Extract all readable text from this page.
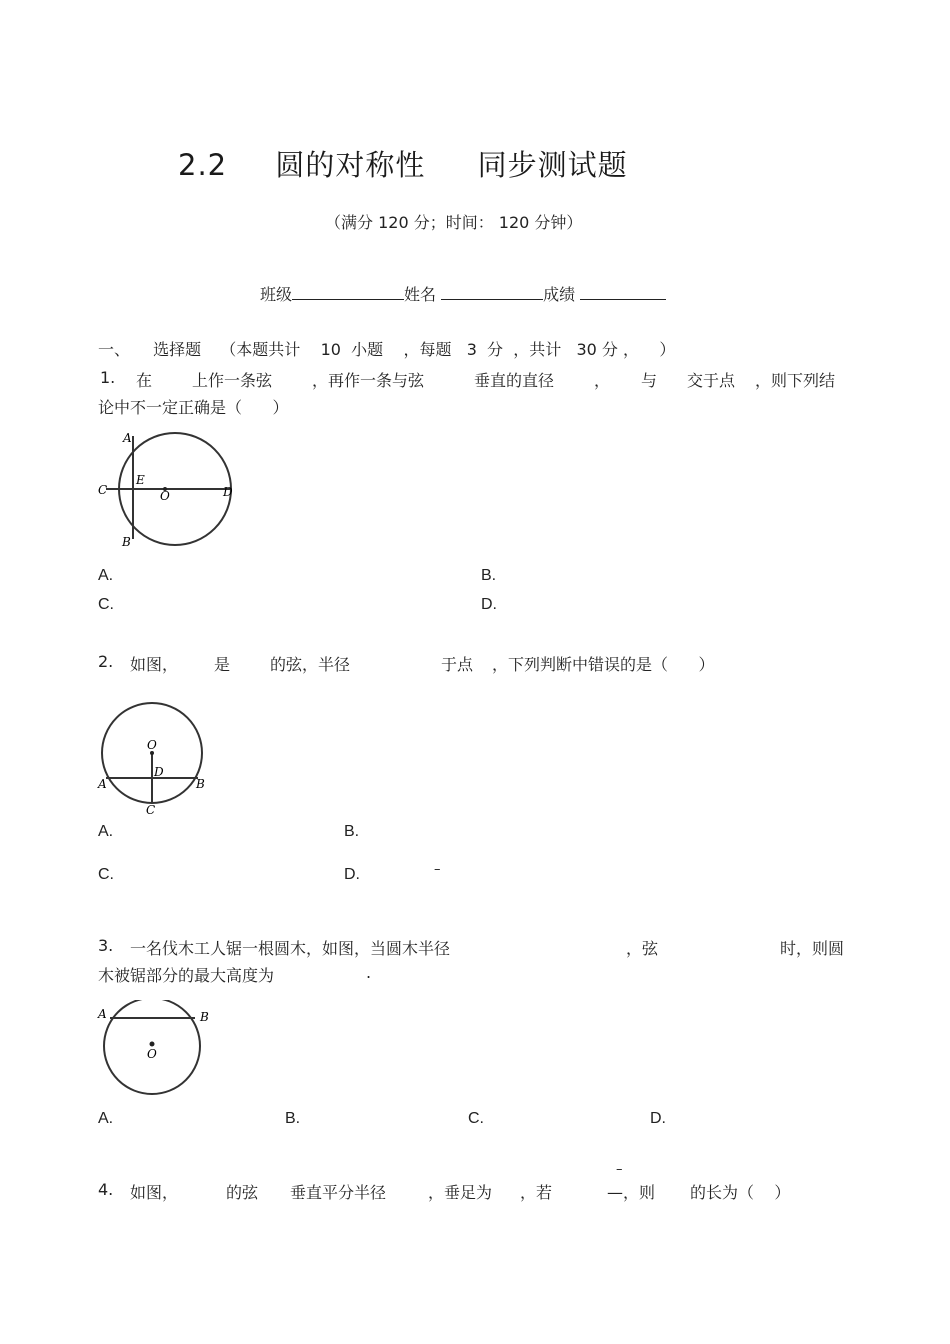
2.2 圆的对称性 同步测试题
（满分 120 分；时间： 120 分钟）
班级	姓名	成绩
一、 选择题 （本题共计    10  小题    ，每题   3  分  ，共计   30 分 ，    ）
1. 在 上作一条弦 ，再作一条与弦	垂直的直径 ， 与 交于点 ，则下列结
论中不一定正确是（      ）
A
B
C	D
E
O
A.	B.
C.	D.
2. 如图， 是 的弦，半径	于点 ，下列判断中错误的是（      ）
O
D
A	B
C
A.	B.
C.	D.	–
3. 一名伐木工人锯一根圆木，如图，当圆木半径	，弦	时，则圆
木被锯部分的最大高度为	.
A	B
O
A.	B.	C.	D.
–
4. 如图，	的弦 垂直平分半径	，垂足为 ，若	—，则 的长为（    ）
